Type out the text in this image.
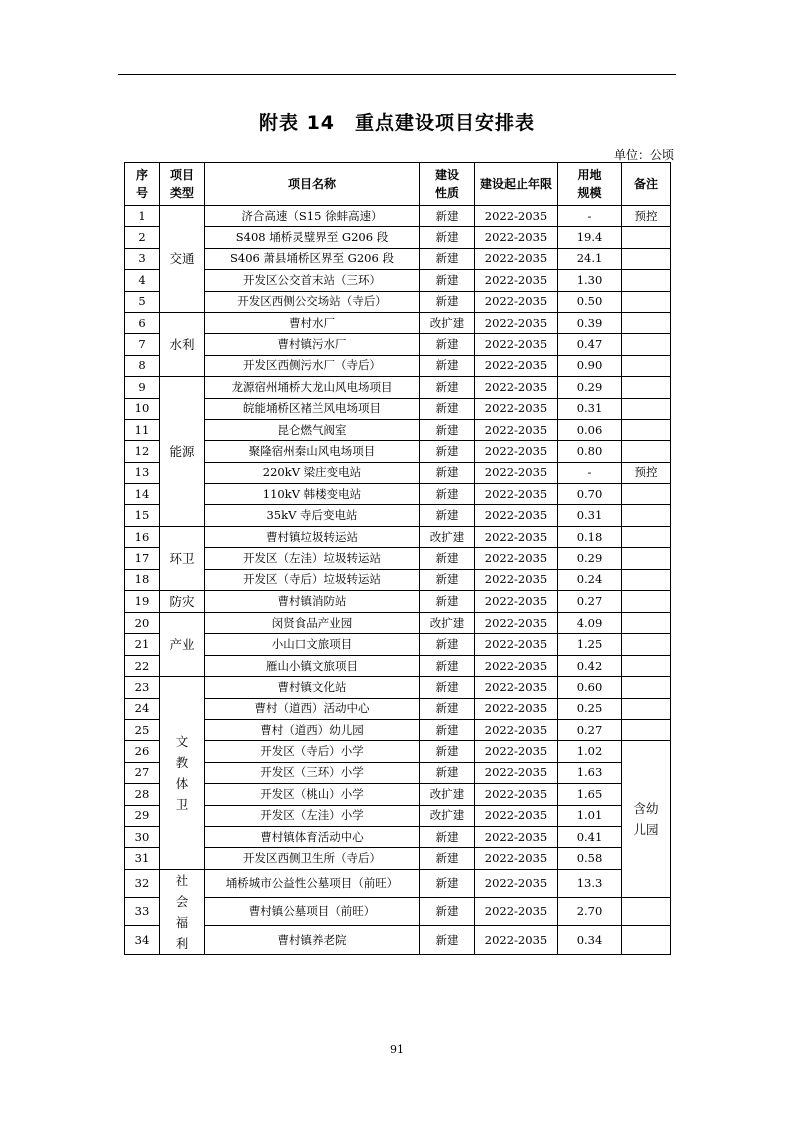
附表 14　重点建设项目安排表
单位：公顷
序号	项目类型	项目名称	建设性质	建设起止年限	用地规模	备注
1	交通	济合高速（S15 徐蚌高速）	新建	2022-2035	-	预控
2		S408 埇桥灵璧界至 G206 段	新建	2022-2035	19.4	
3		S406 萧县埇桥区界至 G206 段	新建	2022-2035	24.1	
4		开发区公交首末站（三环）	新建	2022-2035	1.30	
5		开发区西侧公交场站（寺后）	新建	2022-2035	0.50	
6	水利	曹村水厂	改扩建	2022-2035	0.39	
7		曹村镇污水厂	新建	2022-2035	0.47	
8		开发区西侧污水厂（寺后）	新建	2022-2035	0.90	
9	能源	龙源宿州埇桥大龙山风电场项目	新建	2022-2035	0.29	
10		皖能埇桥区褚兰风电场项目	新建	2022-2035	0.31	
11		昆仑燃气阀室	新建	2022-2035	0.06	
12		聚隆宿州秦山风电场项目	新建	2022-2035	0.80	
13		220kV 梁庄变电站	新建	2022-2035	-	预控
14		110kV 韩楼变电站	新建	2022-2035	0.70	
15		35kV 寺后变电站	新建	2022-2035	0.31	
16	环卫	曹村镇垃圾转运站	改扩建	2022-2035	0.18	
17		开发区（左洼）垃圾转运站	新建	2022-2035	0.29	
18		开发区（寺后）垃圾转运站	新建	2022-2035	0.24	
19	防灾	曹村镇消防站	新建	2022-2035	0.27	
20	产业	闵贤食品产业园	改扩建	2022-2035	4.09	
21		小山口文旅项目	新建	2022-2035	1.25	
22		雁山小镇文旅项目	新建	2022-2035	0.42	
23	文教体卫	曹村镇文化站	新建	2022-2035	0.60	
24		曹村（道西）活动中心	新建	2022-2035	0.25	
25		曹村（道西）幼儿园	新建	2022-2035	0.27	
26		开发区（寺后）小学	新建	2022-2035	1.02	含幼儿园
27		开发区（三环）小学	新建	2022-2035	1.63	
28		开发区（桃山）小学	改扩建	2022-2035	1.65	
29		开发区（左洼）小学	改扩建	2022-2035	1.01	
30		曹村镇体育活动中心	新建	2022-2035	0.41	
31		开发区西侧卫生所（寺后）	新建	2022-2035	0.58	
32	社会福利	埇桥城市公益性公墓项目（前旺）	新建	2022-2035	13.3	
33		曹村镇公墓项目（前旺）	新建	2022-2035	2.70	
34		曹村镇养老院	新建	2022-2035	0.34	
91
